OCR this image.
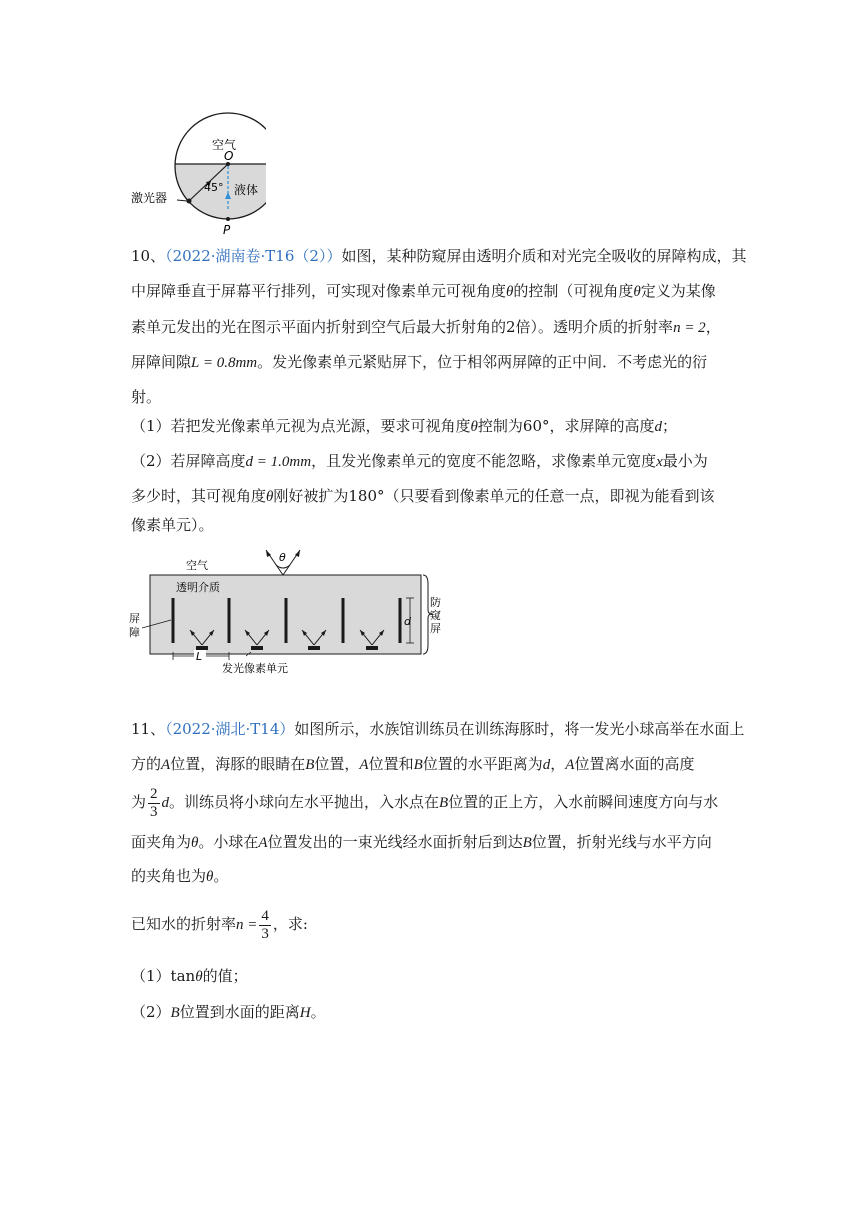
空气
O
45° 液体
激光器
P
10、（2022·湖南卷·T16（2））如图，某种防窥屏由透明介质和对光完全吸收的屏障构成，其
中屏障垂直于屏幕平行排列，可实现对像素单元可视角度θ的控制（可视角度θ定义为某像
素单元发出的光在图示平面内折射到空气后最大折射角的2倍）。透明介质的折射率n = 2，
屏障间隙L = 0.8mm。发光像素单元紧贴屏下，位于相邻两屏障的正中间．不考虑光的衍
射。
（1）若把发光像素单元视为点光源，要求可视角度θ控制为60°，求屏障的高度d；
（2）若屏障高度d = 1.0mm，且发光像素单元的宽度不能忽略，求像素单元宽度x最小为
多少时，其可视角度θ刚好被扩为180°（只要看到像素单元的任意一点，即视为能看到该
像素单元）。
θ
空气
透明介质
屏
障
d
防
窥
屏
L
发光像素单元
11、（2022·湖北·T14）如图所示，水族馆训练员在训练海豚时，将一发光小球高举在水面上
方的A位置，海豚的眼睛在B位置，A位置和B位置的水平距离为d，A位置离水面的高度
为 $\frac{2}{3}$ d。训练员将小球向左水平抛出，入水点在B位置的正上方，入水前瞬间速度方向与水
面夹角为θ。小球在A位置发出的一束光线经水面折射后到达B位置，折射光线与水平方向
的夹角也为θ。
已知水的折射率$n = \frac{4}{3}$ ，求:
（1）tanθ的值；
（2）B位置到水面的距离H。
